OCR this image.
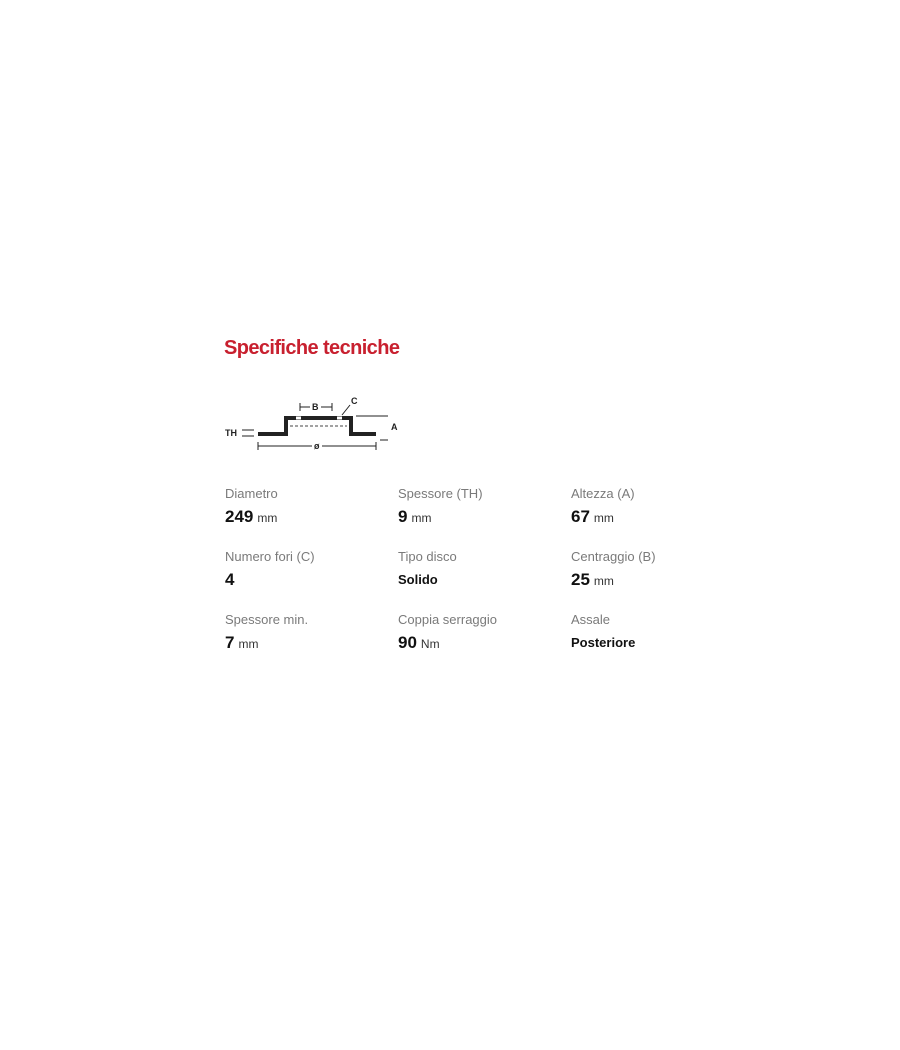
Specifiche tecniche
TH
B
C
A
ø
Diametro
249 mm
Spessore (TH)
9 mm
Altezza (A)
67 mm
Numero fori (C)
4
Tipo disco
Solido
Centraggio (B)
25 mm
Spessore min.
7 mm
Coppia serraggio
90 Nm
Assale
Posteriore
